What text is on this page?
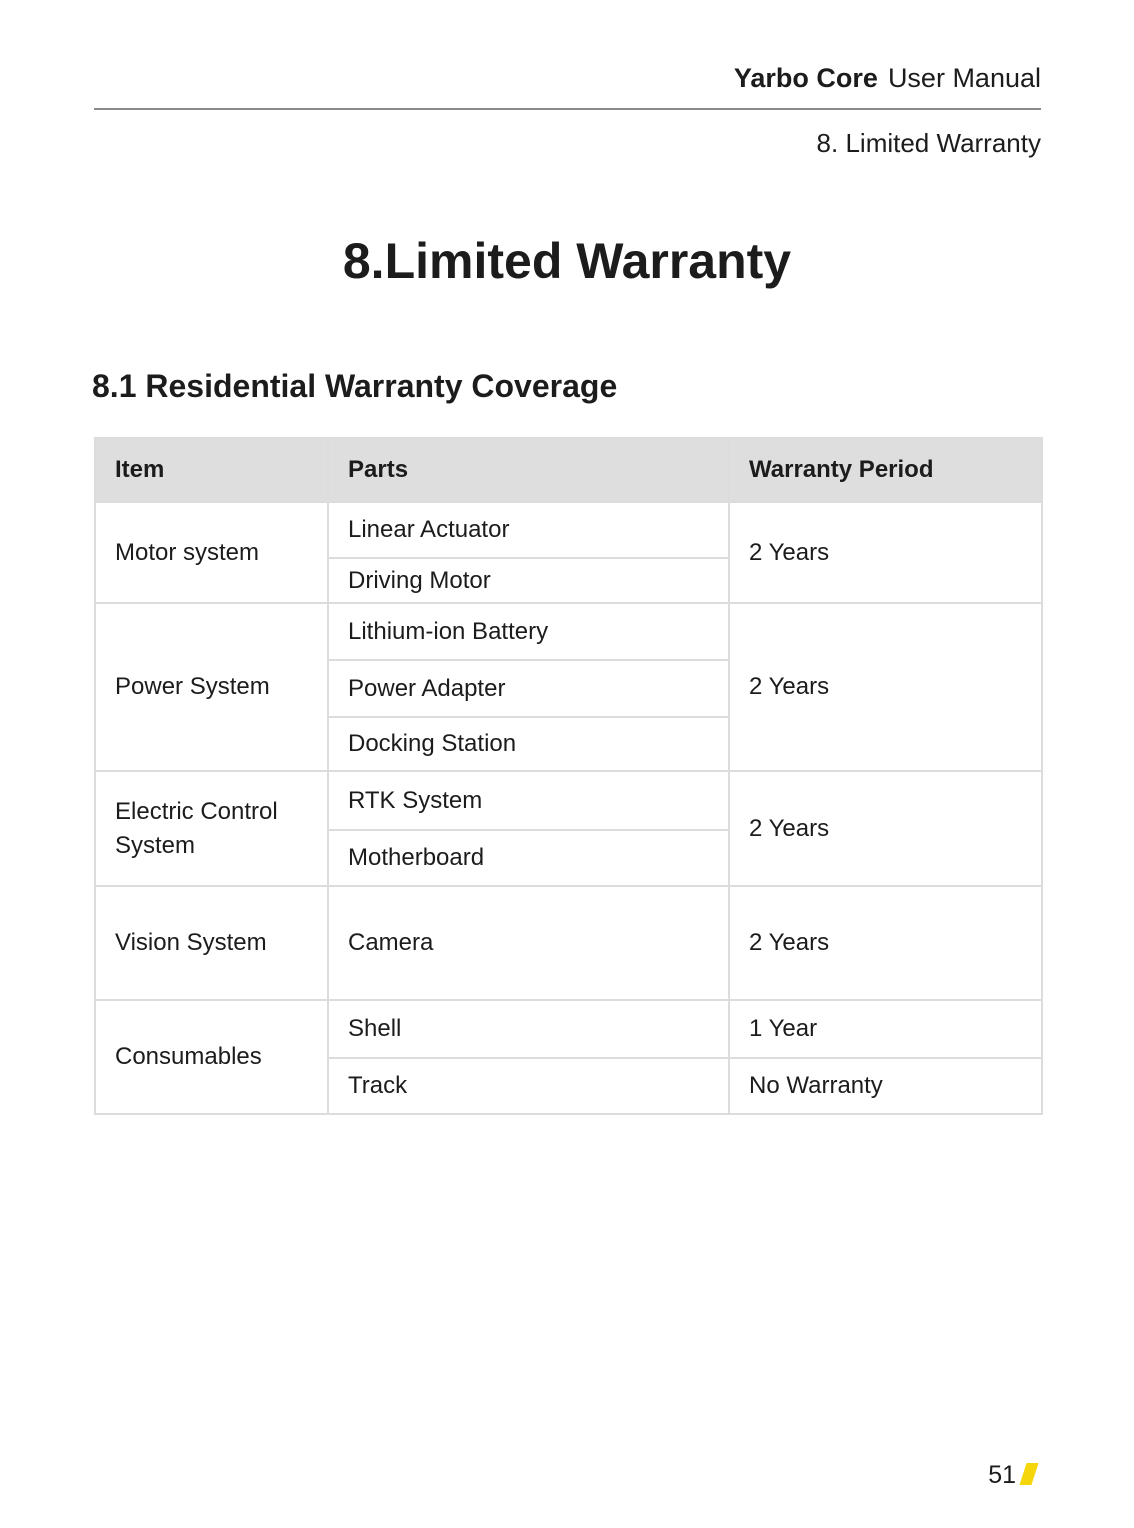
Yarbo Core User Manual
8. Limited Warranty
8.Limited Warranty
8.1 Residential Warranty Coverage
Item	Parts	Warranty Period
Motor system	Linear Actuator	2 Years
	Driving Motor	
Power System	Lithium-ion Battery	2 Years
	Power Adapter	
	Docking Station	
Electric Control System	RTK System	2 Years
	Motherboard	
Vision System	Camera	2 Years
Consumables	Shell	1 Year
	Track	No Warranty
51
